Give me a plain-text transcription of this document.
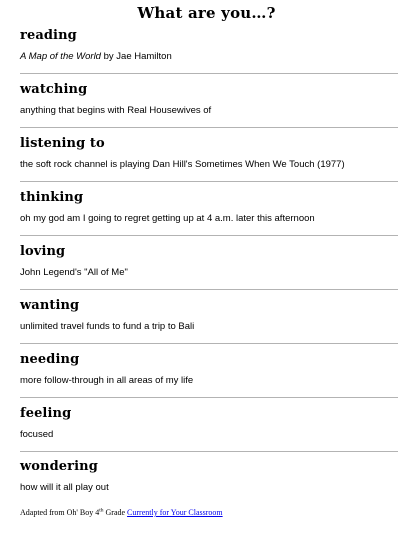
What are you…?
reading
A Map of the World by Jae Hamilton
watching
anything that begins with Real Housewives of
listening to
the soft rock channel is playing Dan Hill's Sometimes When We Touch (1977)
thinking
oh my god am I going to regret getting up at 4 a.m. later this afternoon
loving
John Legend's "All of Me"
wanting
unlimited travel funds to fund a trip to Bali
needing
more follow-through in all areas of my life
feeling
focused
wondering
how will it all play out
Adapted from Oh' Boy 4th Grade Currently for Your Classroom
